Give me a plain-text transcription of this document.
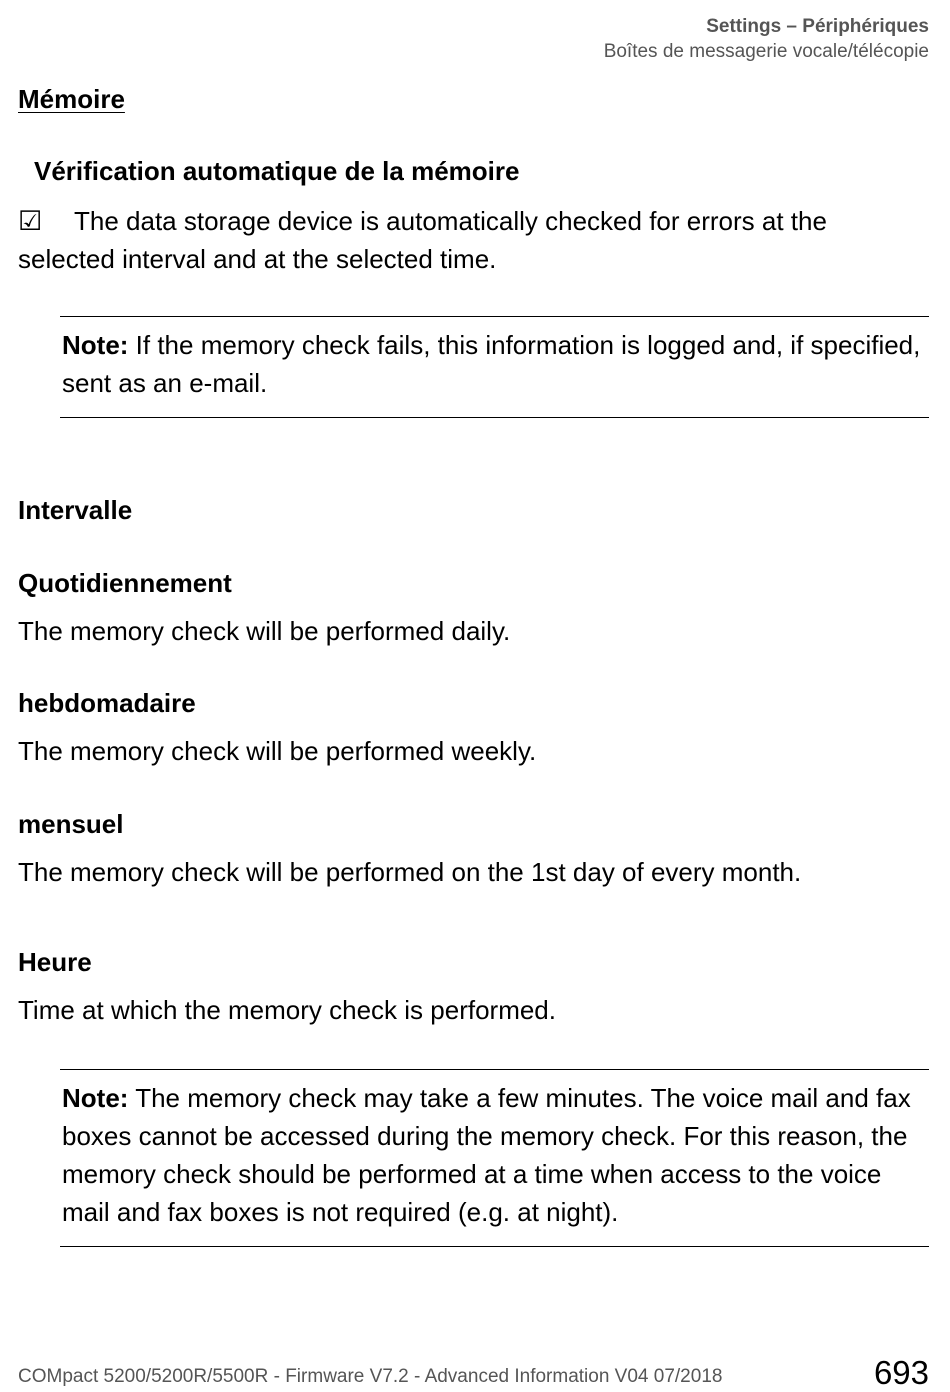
Settings – Périphériques
Boîtes de messagerie vocale/télécopie
Mémoire
Vérification automatique de la mémoire
☑ The data storage device is automatically checked for errors at the selected interval and at the selected time.
Note: If the memory check fails, this information is logged and, if specified, sent as an e-mail.
Intervalle
Quotidiennement
The memory check will be performed daily.
hebdomadaire
The memory check will be performed weekly.
mensuel
The memory check will be performed on the 1st day of every month.
Heure
Time at which the memory check is performed.
Note: The memory check may take a few minutes. The voice mail and fax boxes cannot be accessed during the memory check. For this reason, the memory check should be performed at a time when access to the voice mail and fax boxes is not required (e.g. at night).
COMpact 5200/5200R/5500R - Firmware V7.2 - Advanced Information V04 07/2018	693
